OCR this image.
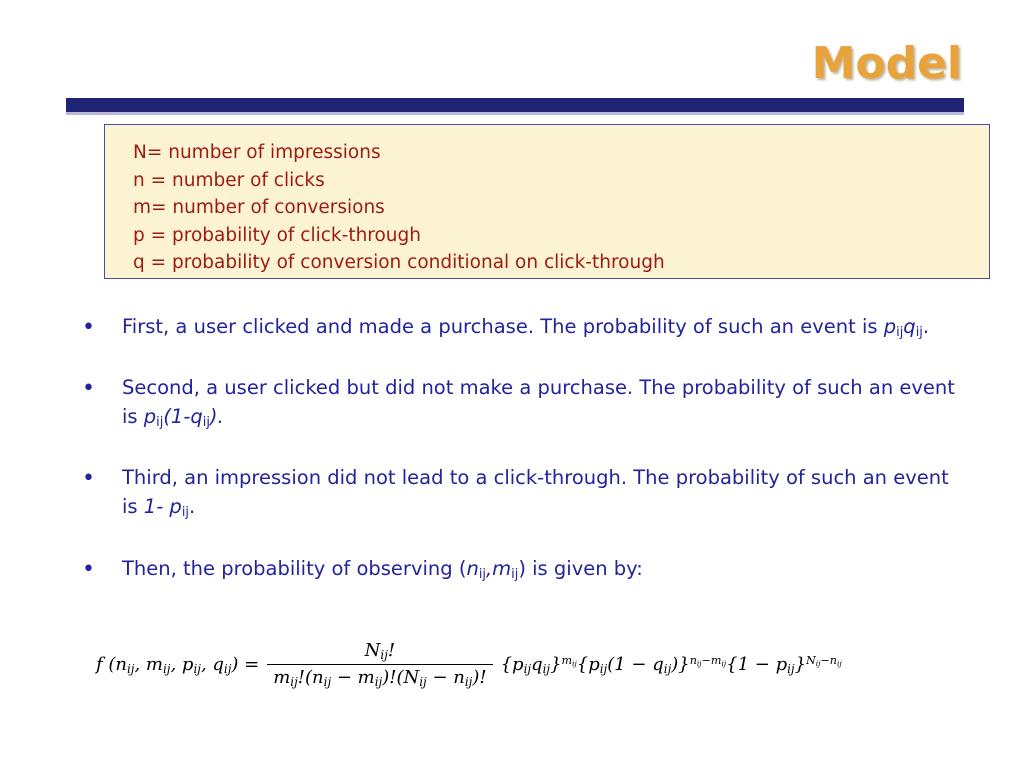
Model
N= number of impressions
n = number of clicks
m= number of conversions
p = probability of click-through
q = probability of conversion conditional on click-through
• First, a user clicked and made a purchase. The probability of such an event is $p_{ij}q_{ij}$.
• Second, a user clicked but did not make a purchase. The probability of such an event is $p_{ij}(1-q_{ij})$.
• Third, an impression did not lead to a click-through. The probability of such an event is 1- $p_{ij}$.
• Then, the probability of observing $(n_{ij},m_{ij})$ is given by:
f ($n_{ij}$, $m_{ij}$, $p_{ij}$, $q_{ij}) = \frac{N_{ij}!}{m_{ij}!(n_{ij} - m_{ij})!(N_{ij} - n_{ij})!} \{p_{ij}q_{ij}\}^{m_{ij}}\{p_{ij}(1 - q_{ij})\}^{n_{ij}-m_{ij}}\{1 - p_{ij}\}^{N_{ij}-n_{ij}}$
